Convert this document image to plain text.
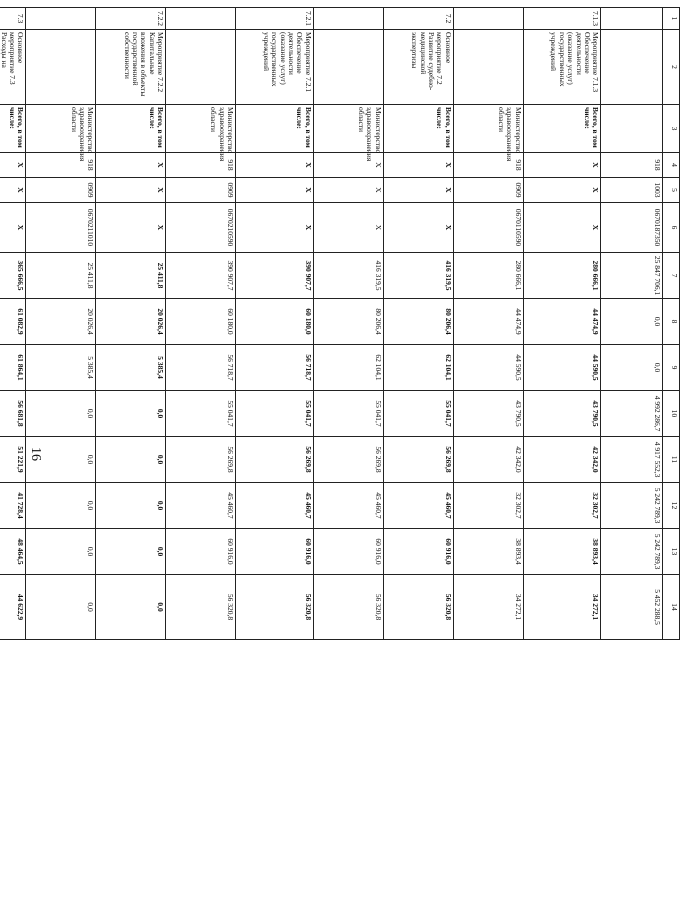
16
1	2	3	4	5	6	7	8	9	10	11	12	13	14
			918	1003	0670187350	25 847 706,1	0,0	0,0	4 992 286,7	4 917 552,3	5 242 789,3	5 242 789,3	5 452 288,5
7.1.3	Мероприятие 7.1.3 Обеспечение деятельности (оказание услуг) государственных учреждений	Всего, в том числе:	X	X	X	280 666,1	44 474,9	44 590,5	43 790,5	42 342,0	32 302,7	38 893,4	34 272,1
		Министерство здравоохранения области	918	0909	0670110590	280 666,1	44 474,9	44 590,5	43 790,5	42 342,0	32 302,7	38 893,4	34 272,1
7.2	Основное мероприятие 7.2 Развитие судебно-медицинской экспертизы	Всего, в том числе:	X	X	X	416 319,5	80 206,4	62 104,1	55 041,7	56 269,8	45 460,7	60 916,0	56 320,8
		Министерство здравоохранения области	X	X	X	416 319,5	80 206,4	62 104,1	55 041,7	56 269,8	45 460,7	60 916,0	56 320,8
7.2.1	Мероприятие 7.2.1 Обеспечение деятельности (оказание услуг) государственных учреждений	Всего, в том числе:	X	X	X	390 907,7	60 180,0	56 718,7	55 041,7	56 269,8	45 460,7	60 916,0	56 320,8
		Министерство здравоохранения области	918	0909	0670210590	390 907,7	60 180,0	56 718,7	55 041,7	56 269,8	45 460,7	60 916,0	56 320,8
7.2.2	Мероприятие 7.2.2 Капитальные вложения в объекты государственной собственности	Всего, в том числе:	X	X	X	25 411,8	20 026,4	5 385,4	0,0	0,0	0,0	0,0	0,0
		Министерство здравоохранения области	918	0909	0670211010	25 411,8	20 026,4	5 385,4	0,0	0,0	0,0	0,0	0,0
7.3	Основное мероприятие 7.3 Расходы на	Всего, в том числе:	X	X	X	365 666,5	61 082,9	61 864,1	56 681,8	51 221,9	41 728,4	48 464,5	44 622,9
